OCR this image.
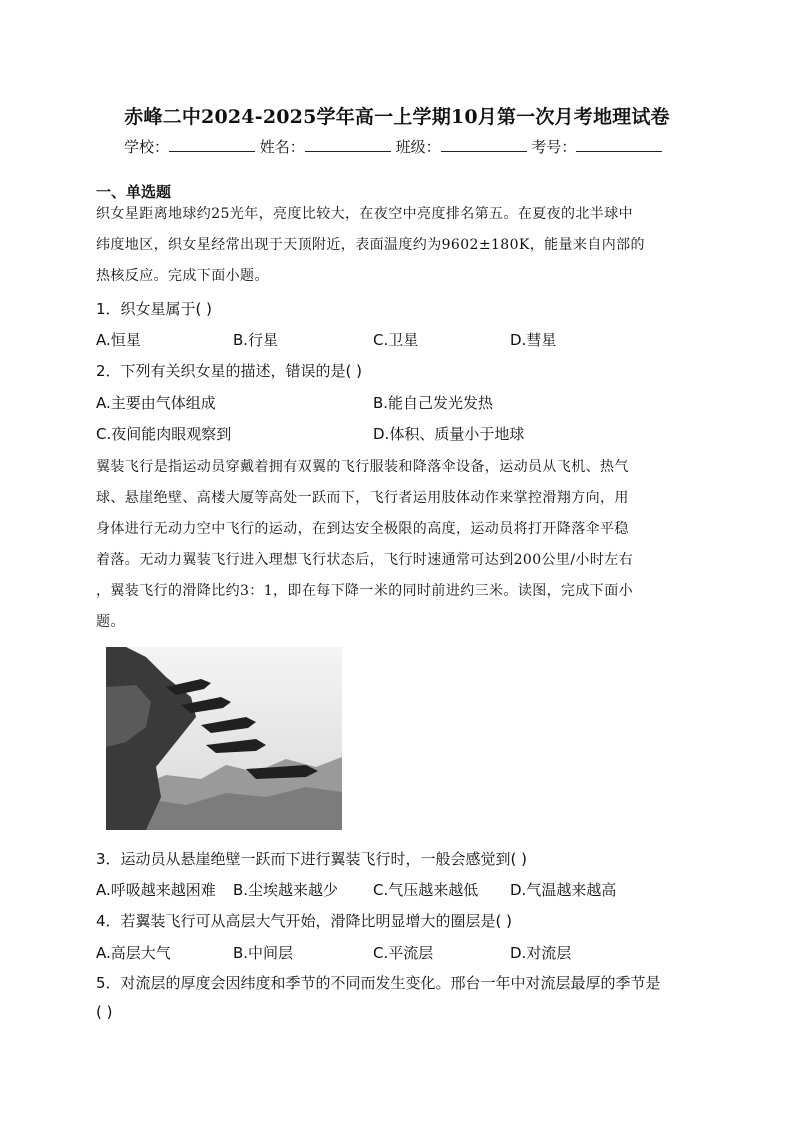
赤峰二中2024-2025学年高一上学期10月第一次月考地理试卷
学校：	姓名：	班级：	考号：
一、单选题
织女星距离地球约25光年，亮度比较大，在夜空中亮度排名第五。在夏夜的北半球中
纬度地区，织女星经常出现于天顶附近，表面温度约为9602±180K，能量来自内部的
热核反应。完成下面小题。
1．织女星属于( )
A.恒星	B.行星	C.卫星	D.彗星
2．下列有关织女星的描述，错误的是( )
A.主要由气体组成	B.能自己发光发热
C.夜间能肉眼观察到	D.体积、质量小于地球
翼装飞行是指运动员穿戴着拥有双翼的飞行服装和降落伞设备，运动员从飞机、热气
球、悬崖绝壁、高楼大厦等高处一跃而下，飞行者运用肢体动作来掌控滑翔方向，用
身体进行无动力空中飞行的运动，在到达安全极限的高度，运动员将打开降落伞平稳
着落。无动力翼装飞行进入理想飞行状态后，飞行时速通常可达到200公里/小时左右
，翼装飞行的滑降比约3：1，即在每下降一米的同时前进约三米。读图，完成下面小
题。
3．运动员从悬崖绝壁一跃而下进行翼装飞行时，一般会感觉到( )
A.呼吸越来越困难 B.尘埃越来越少 C.气压越来越低 D.气温越来越高
4．若翼装飞行可从高层大气开始，滑降比明显增大的圈层是( )
A.高层大气	B.中间层	C.平流层	D.对流层
5．对流层的厚度会因纬度和季节的不同而发生变化。邢台一年中对流层最厚的季节是
( )
